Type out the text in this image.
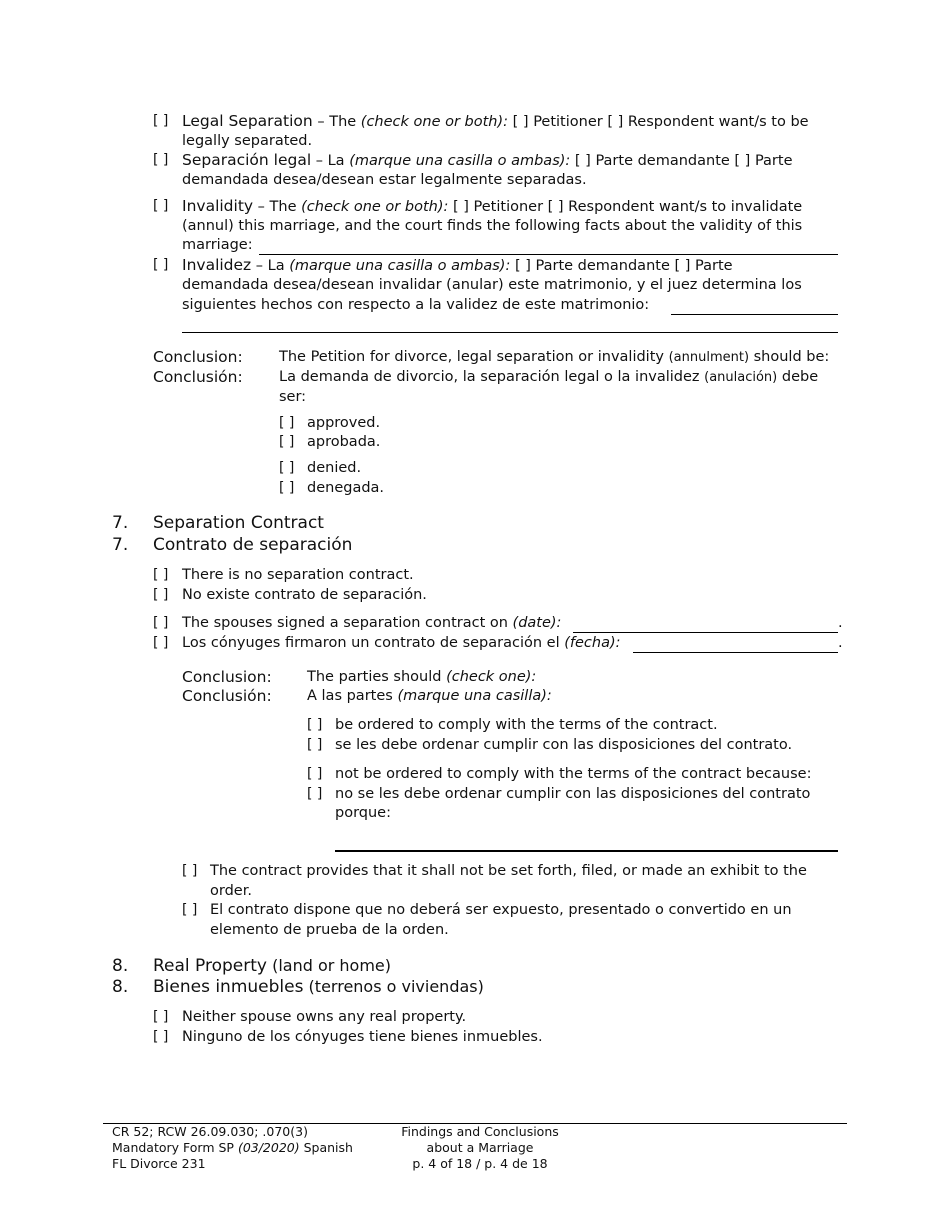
[ ] Legal Separation – The (check one or both): [ ] Petitioner [ ] Respondent want/s to be
legally separated.
[ ] Separación legal – La (marque una casilla o ambas): [ ] Parte demandante [ ] Parte
demandada desea/desean estar legalmente separadas.
[ ] Invalidity – The (check one or both): [ ] Petitioner [ ] Respondent want/s to invalidate
(annul) this marriage, and the court finds the following facts about the validity of this
marriage:
[ ] Invalidez – La (marque una casilla o ambas): [ ] Parte demandante [ ] Parte
demandada desea/desean invalidar (anular) este matrimonio, y el juez determina los
siguientes hechos con respecto a la validez de este matrimonio:
Conclusion:
Conclusión:
The Petition for divorce, legal separation or invalidity (annulment) should be:
La demanda de divorcio, la separación legal o la invalidez (anulación) debe
ser:
[ ] approved.
[ ] aprobada.
[ ] denied.
[ ] denegada.
7. Separation Contract
7. Contrato de separación
[ ] There is no separation contract.
[ ] No existe contrato de separación.
[ ] The spouses signed a separation contract on (date):	.
[ ] Los cónyuges firmaron un contrato de separación el (fecha):	.
Conclusion:
Conclusión:
The parties should (check one):
A las partes (marque una casilla):
[ ] be ordered to comply with the terms of the contract.
[ ] se les debe ordenar cumplir con las disposiciones del contrato.
[ ] not be ordered to comply with the terms of the contract because:
[ ] no se les debe ordenar cumplir con las disposiciones del contrato
porque:
[ ] The contract provides that it shall not be set forth, filed, or made an exhibit to the
order.
[ ] El contrato dispone que no deberá ser expuesto, presentado o convertido en un
elemento de prueba de la orden.
8. Real Property (land or home)
8. Bienes inmuebles (terrenos o viviendas)
[ ] Neither spouse owns any real property.
[ ] Ninguno de los cónyuges tiene bienes inmuebles.
CR 52; RCW 26.09.030; .070(3)
Mandatory Form SP (03/2020) Spanish
FL Divorce 231
Findings and Conclusions
about a Marriage
p. 4 of 18 / p. 4 de 18
